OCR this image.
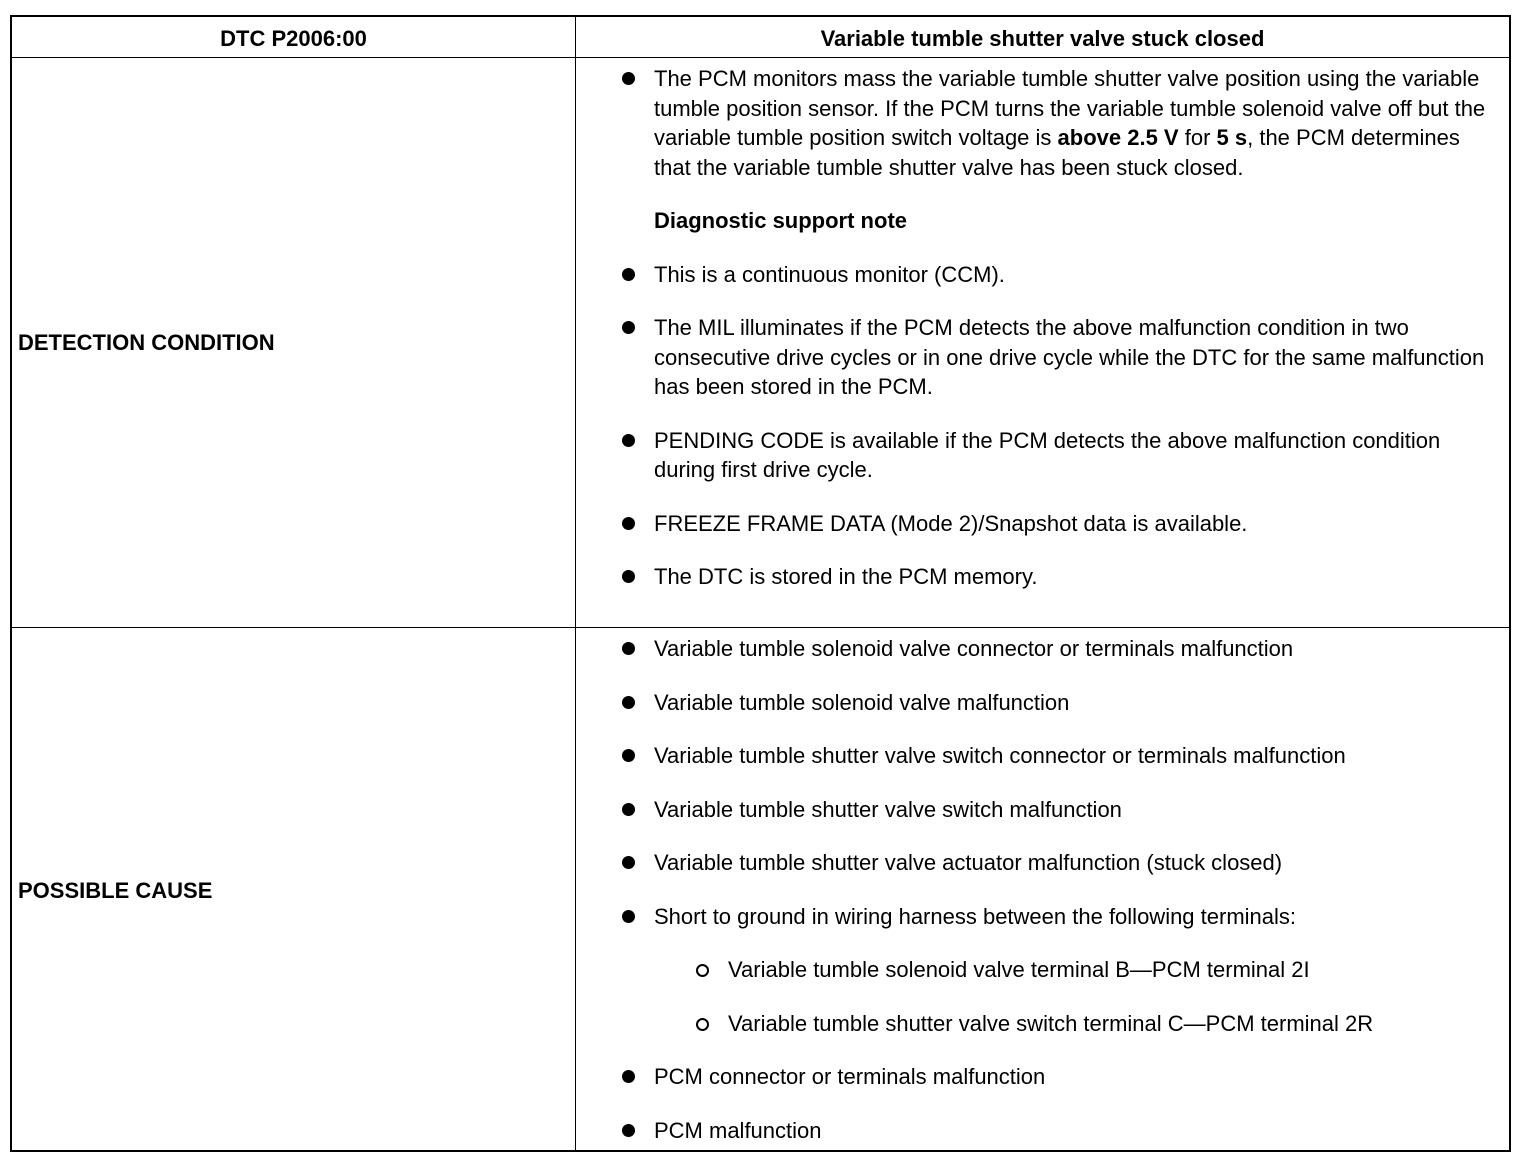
DTC P2006:00	Variable tumble shutter valve stuck closed
DETECTION CONDITION
POSSIBLE CAUSE
The PCM monitors mass the variable tumble shutter valve position using the variable tumble position sensor. If the PCM turns the variable tumble solenoid valve off but the variable tumble position switch voltage is above 2.5 V for 5 s, the PCM determines that the variable tumble shutter valve has been stuck closed.
Diagnostic support note
This is a continuous monitor (CCM).
The MIL illuminates if the PCM detects the above malfunction condition in two consecutive drive cycles or in one drive cycle while the DTC for the same malfunction has been stored in the PCM.
PENDING CODE is available if the PCM detects the above malfunction condition during first drive cycle.
FREEZE FRAME DATA (Mode 2)/Snapshot data is available.
The DTC is stored in the PCM memory.
Variable tumble solenoid valve connector or terminals malfunction
Variable tumble solenoid valve malfunction
Variable tumble shutter valve switch connector or terminals malfunction
Variable tumble shutter valve switch malfunction
Variable tumble shutter valve actuator malfunction (stuck closed)
Short to ground in wiring harness between the following terminals:
Variable tumble solenoid valve terminal B—PCM terminal 2I
Variable tumble shutter valve switch terminal C—PCM terminal 2R
PCM connector or terminals malfunction
PCM malfunction
